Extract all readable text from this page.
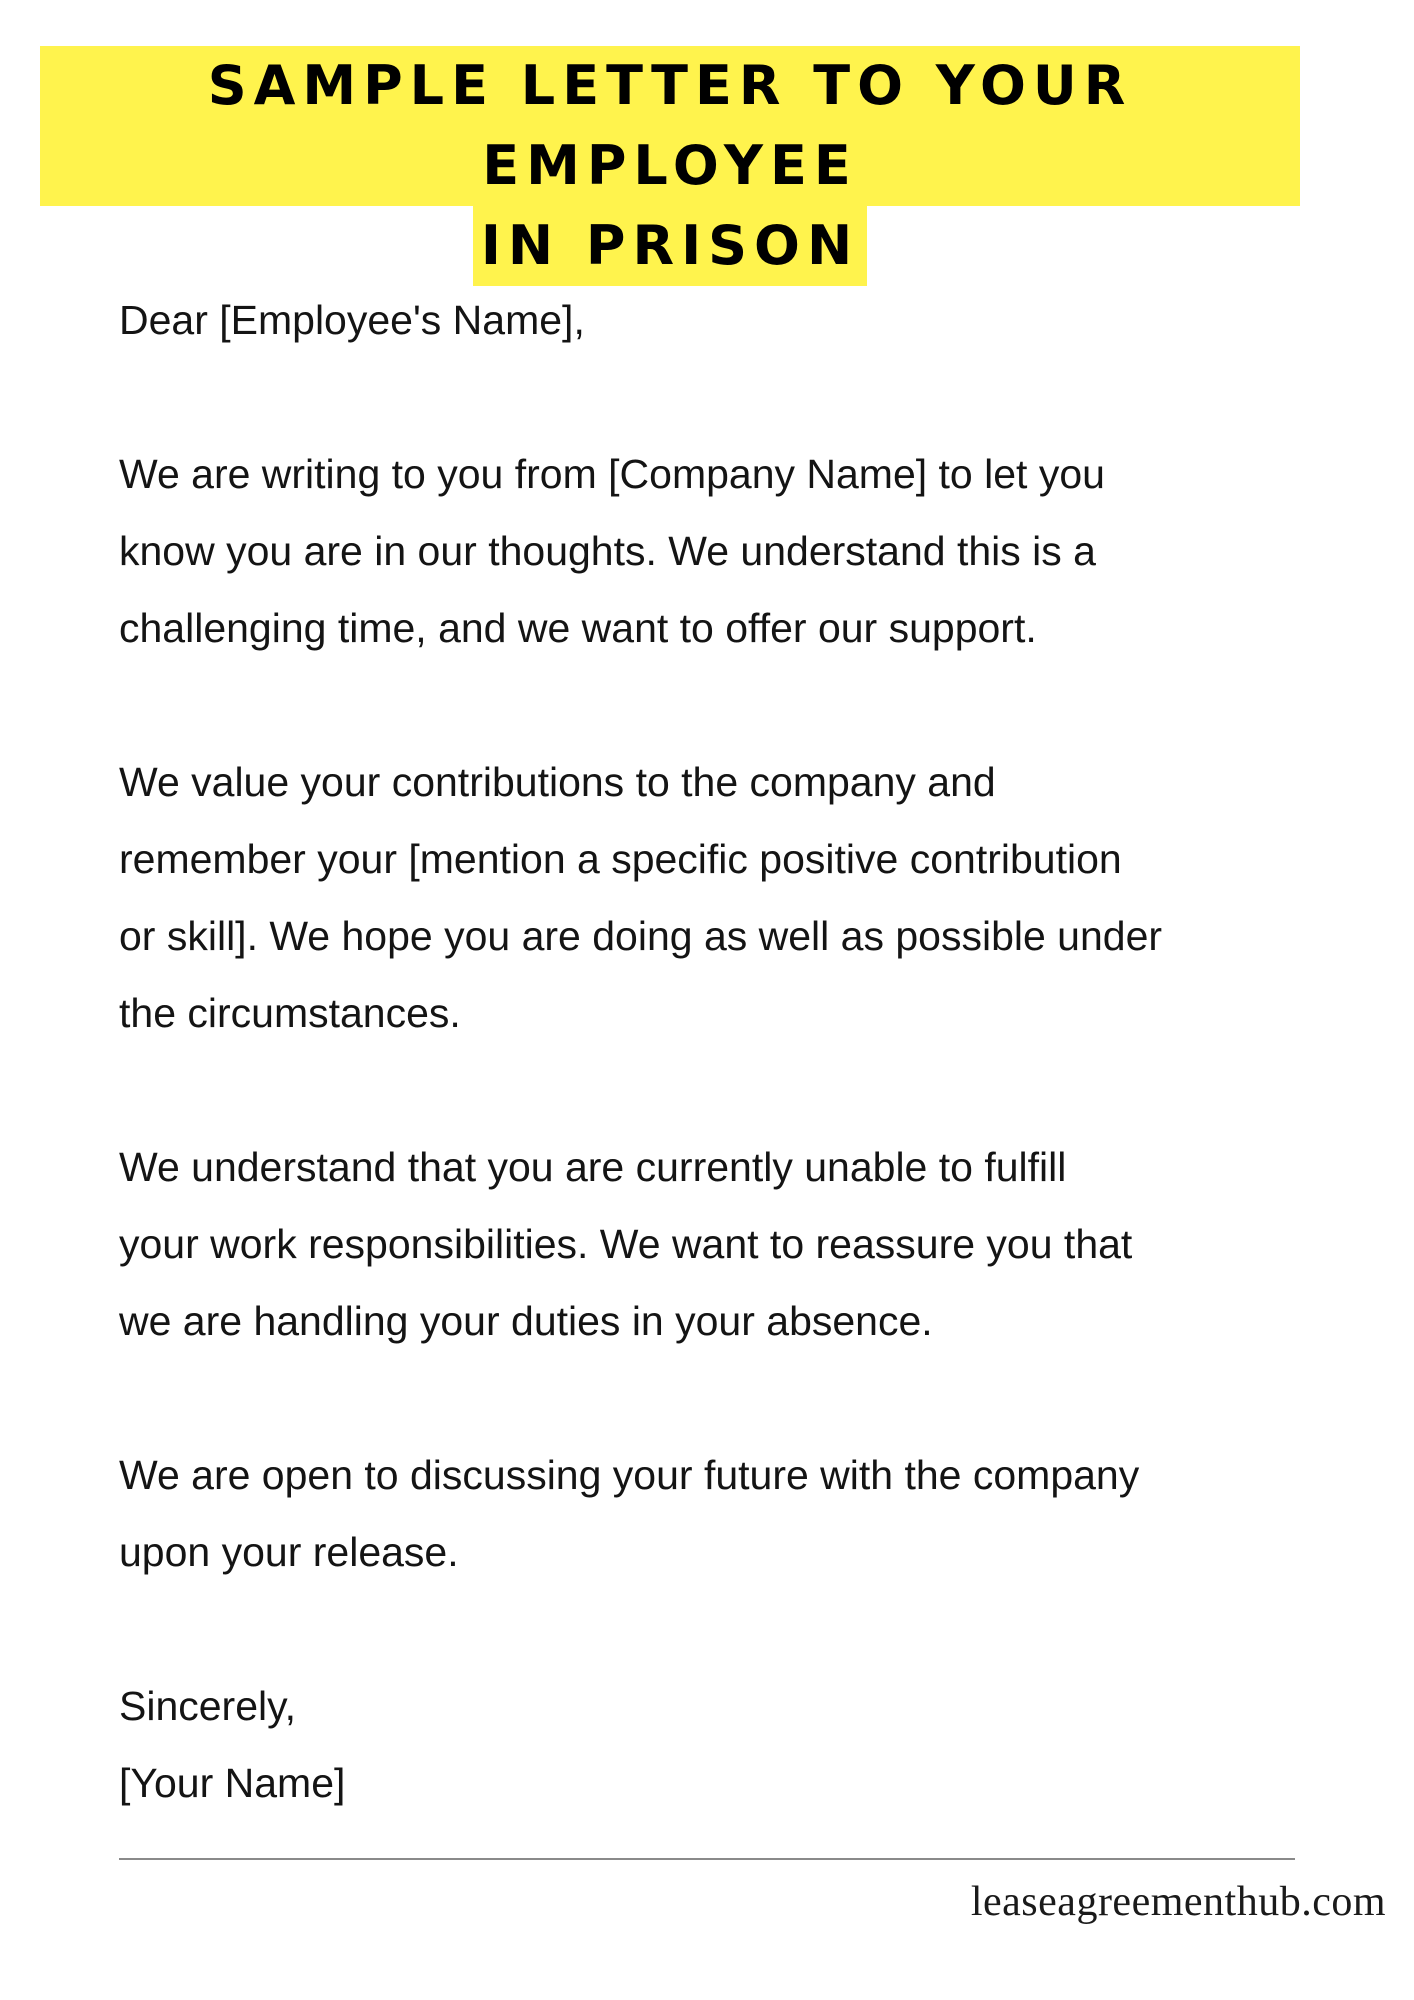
SAMPLE LETTER TO YOUR EMPLOYEE
IN PRISON

Dear [Employee's Name],

We are writing to you from [Company Name] to let you
know you are in our thoughts. We understand this is a
challenging time, and we want to offer our support.

We value your contributions to the company and
remember your [mention a specific positive contribution
or skill]. We hope you are doing as well as possible under
the circumstances.

We understand that you are currently unable to fulfill
your work responsibilities. We want to reassure you that
we are handling your duties in your absence.

We are open to discussing your future with the company
upon your release.

Sincerely,
[Your Name]
leaseagreementhub.com
